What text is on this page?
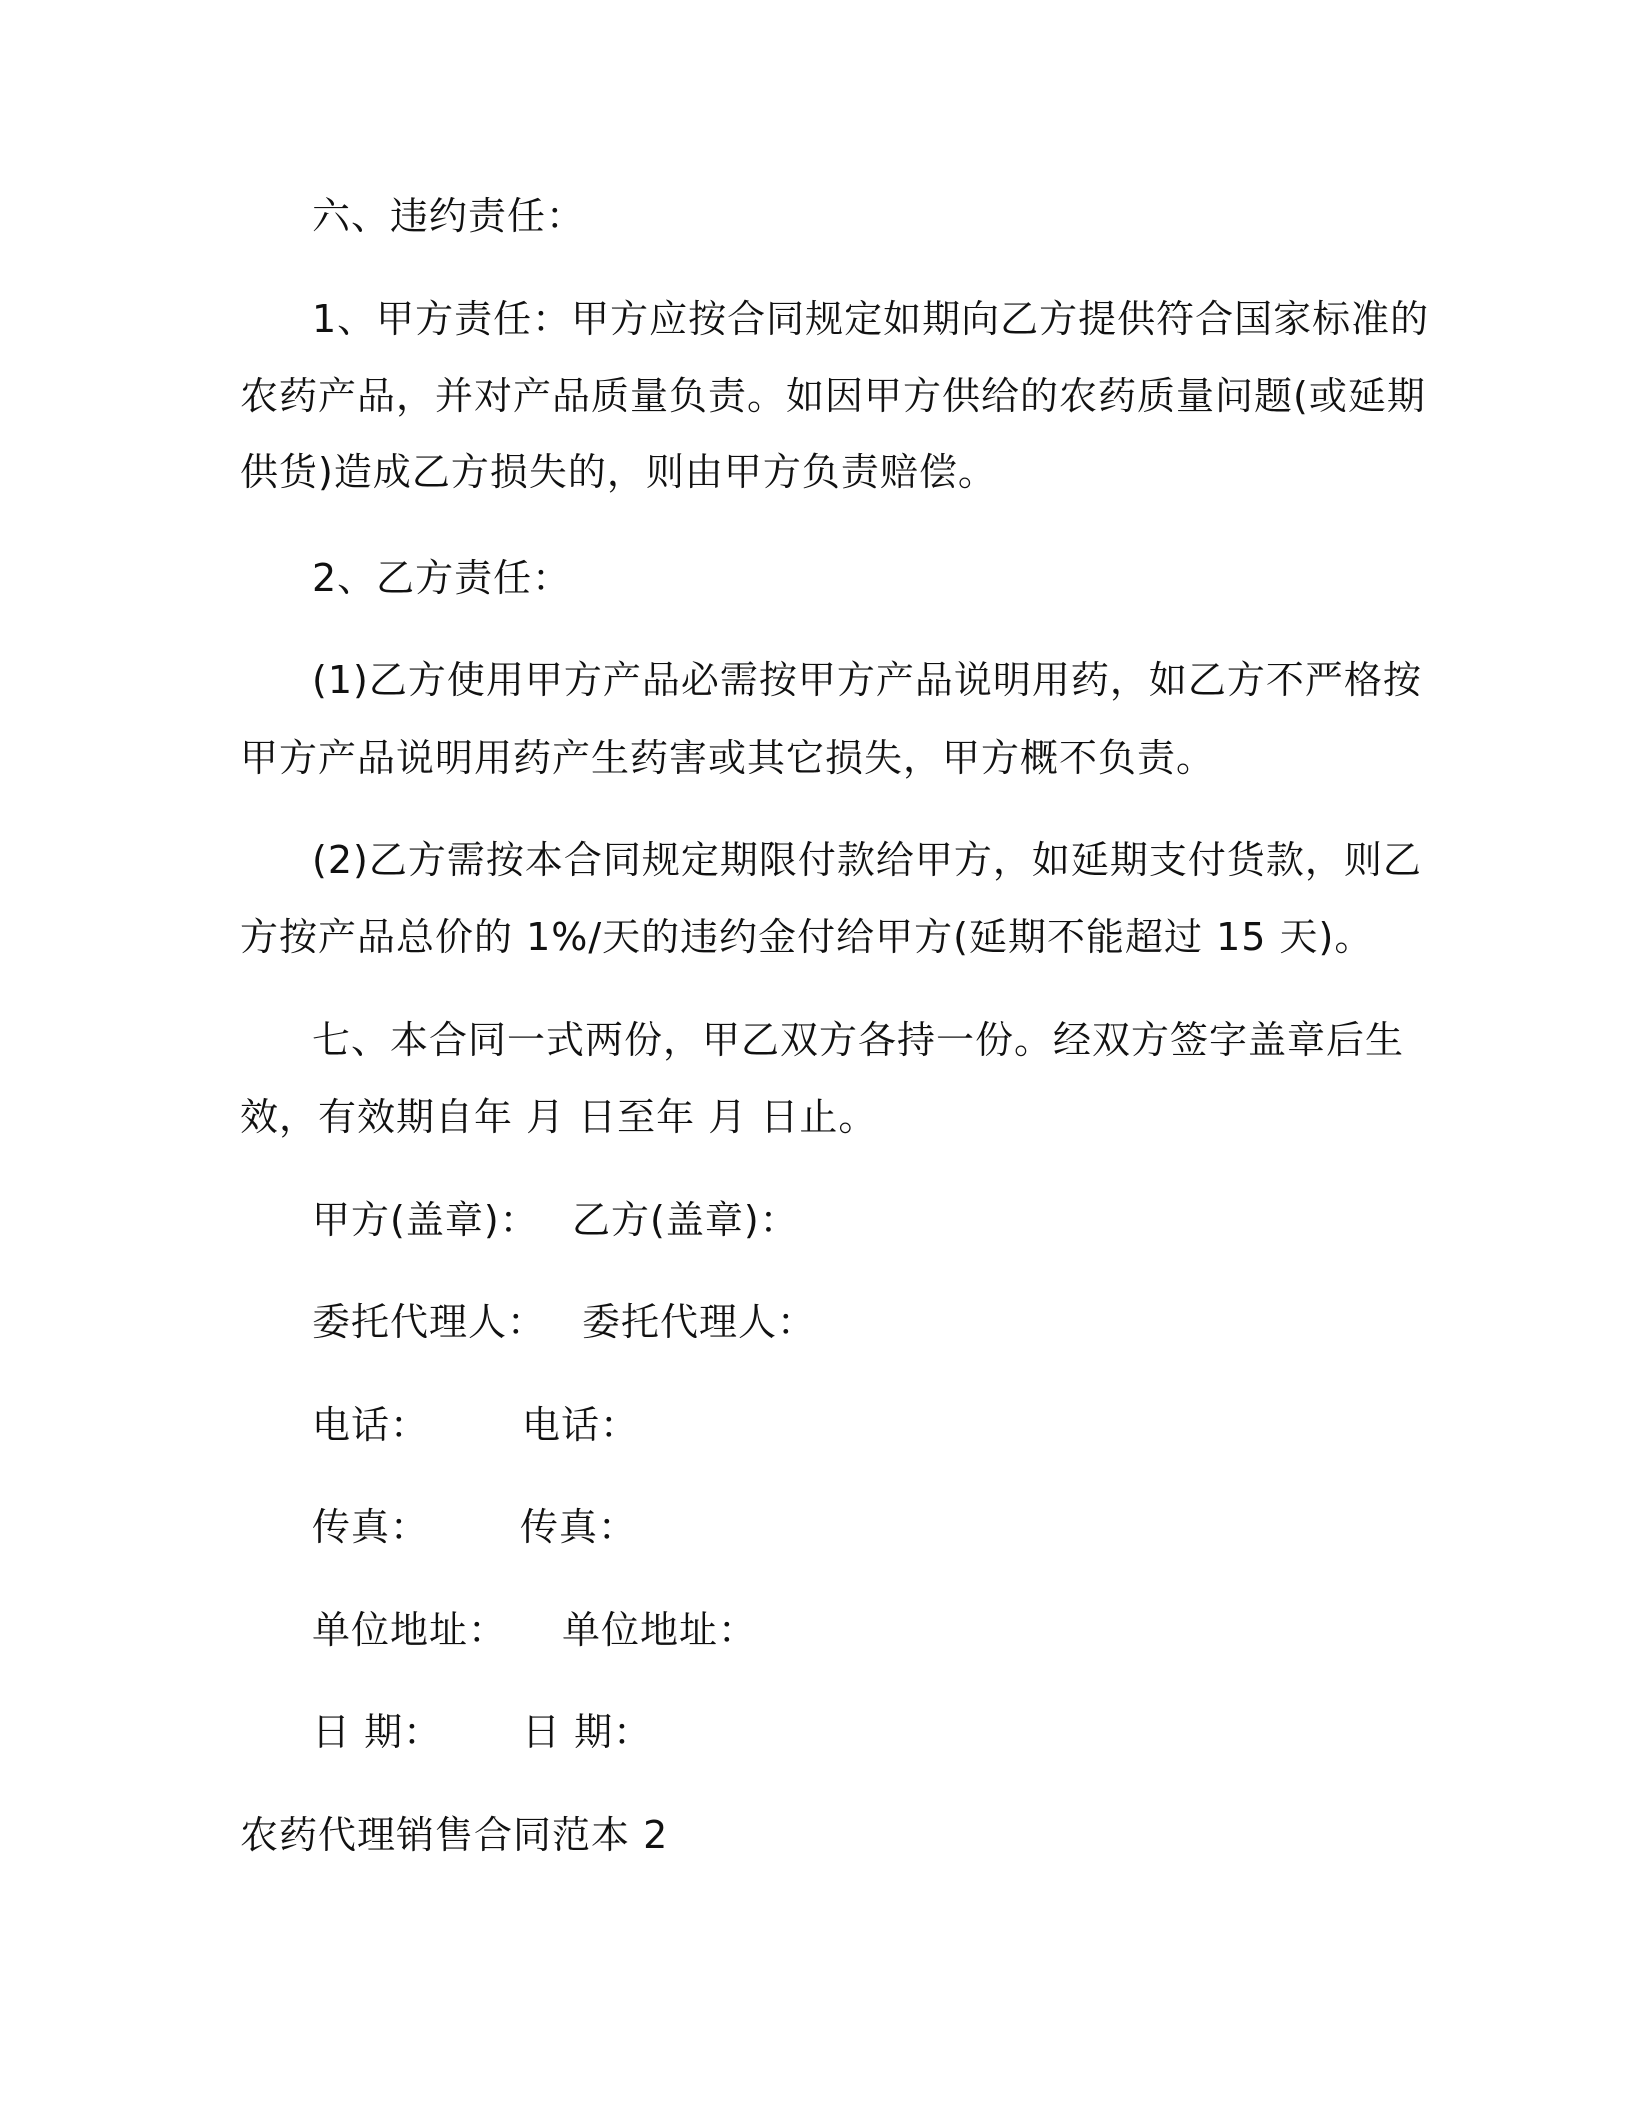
六、违约责任：
1、甲方责任：甲方应按合同规定如期向乙方提供符合国家标准的
农药产品，并对产品质量负责。如因甲方供给的农药质量问题(或延期
供货)造成乙方损失的，则由甲方负责赔偿。
2、乙方责任：
(1)乙方使用甲方产品必需按甲方产品说明用药，如乙方不严格按
甲方产品说明用药产生药害或其它损失，甲方概不负责。
(2)乙方需按本合同规定期限付款给甲方，如延期支付货款，则乙
方按产品总价的 1%/天的违约金付给甲方(延期不能超过 15 天)。
七、本合同一式两份，甲乙双方各持一份。经双方签字盖章后生
效，有效期自年 月 日至年 月 日止。
甲方(盖章)： 乙方(盖章)：
委托代理人： 委托代理人：
电话： 电话：
传真： 传真：
单位地址： 单位地址：
日 期： 日 期：
农药代理销售合同范本 2
